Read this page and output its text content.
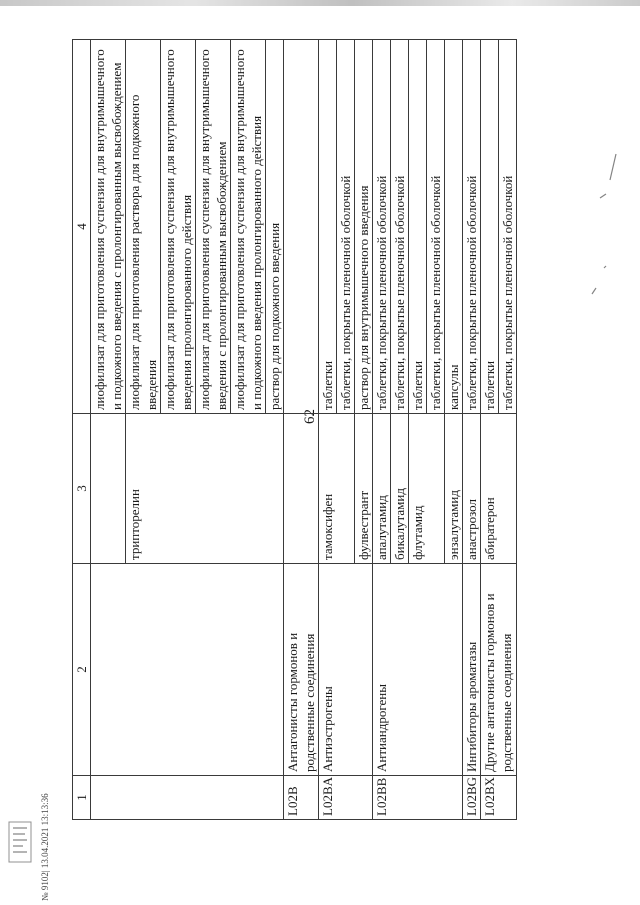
62
1	2	3	4
			лиофилизат для приготовления суспензии для внутримышечного и подкожного введения с пролонгированным высвобождением
		трипторелин	лиофилизат для приготовления раствора для подкожного введения
			лиофилизат для приготовления суспензии для внутримышечного введения пролонгированного действия
			лиофилизат для приготовления суспензии для внутримышечного введения с пролонгированным высвобождением
			лиофилизат для приготовления суспензии для внутримышечного и подкожного введения пролонгированного действия
			раствор для подкожного введения
L02B	Антагонисты гормонов и родственные соединения		
L02BA	Антиэстрогены	тамоксифен	таблетки
			таблетки, покрытые пленочной оболочкой
		фулвестрант	раствор для внутримышечного введения
L02BB	Антиандрогены	апалутамид	таблетки, покрытые пленочной оболочкой
		бикалутамид	таблетки, покрытые пленочной оболочкой
		флутамид	таблетки
			таблетки, покрытые пленочной оболочкой
		энзалутамид	капсулы
L02BG	Ингибиторы ароматазы	анастрозол	таблетки, покрытые пленочной оболочкой
L02BX	Другие антагонисты гормонов и родственные соединения	абиратерон	таблетки
			таблетки, покрытые пленочной оболочкой
№ 9102| 13.04.2021 13:13:36
